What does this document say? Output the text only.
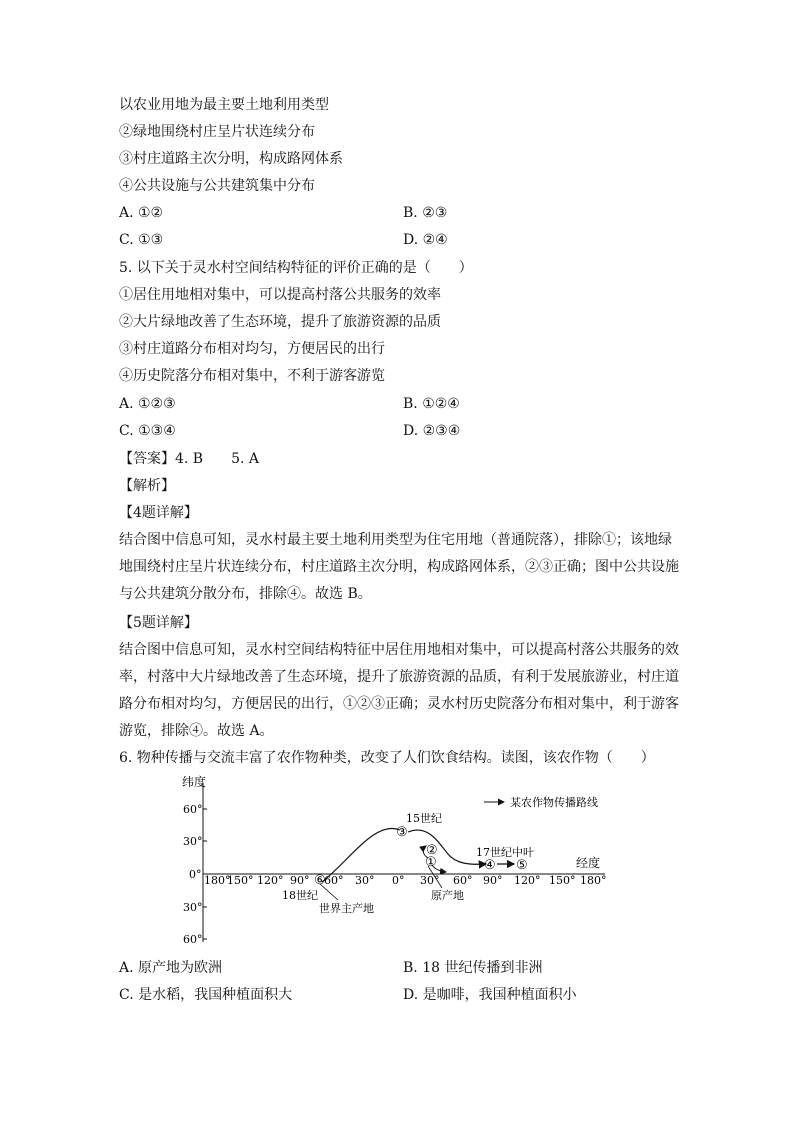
以农业用地为最主要土地利用类型
②绿地围绕村庄呈片状连续分布
③村庄道路主次分明，构成路网体系
④公共设施与公共建筑集中分布
A. ①②	B. ②③
C. ①③	D. ②④
5. 以下关于灵水村空间结构特征的评价正确的是（　　）
①居住用地相对集中，可以提高村落公共服务的效率
②大片绿地改善了生态环境，提升了旅游资源的品质
③村庄道路分布相对均匀，方便居民的出行
④历史院落分布相对集中，不利于游客游览
A. ①②③	B. ①②④
C. ①③④	D. ②③④
【答案】4. B　　5. A
【解析】
【4题详解】
结合图中信息可知，灵水村最主要土地利用类型为住宅用地（普通院落），排除①；该地绿
地围绕村庄呈片状连续分布，村庄道路主次分明，构成路网体系，②③正确；图中公共设施
与公共建筑分散分布，排除④。故选 B。
【5题详解】
结合图中信息可知，灵水村空间结构特征中居住用地相对集中，可以提高村落公共服务的效
率，村落中大片绿地改善了生态环境，提升了旅游资源的品质，有利于发展旅游业，村庄道
路分布相对均匀，方便居民的出行，①②③正确；灵水村历史院落分布相对集中，利于游客
游览，排除④。故选 A。
6. 物种传播与交流丰富了农作物种类，改变了人们饮食结构。读图，该农作物（　　）
纬度
经度
60°
30°
0°
30°
60°
180°
150° 120° 90° 60° 30° 0° 30° 60° 90° 120° 150° 180°
某农作物传播路线
③
②
①	④ ⑤
⑥
15世纪
17世纪中叶
18世纪	原产地
世界主产地
A. 原产地为欧洲	B. 18 世纪传播到非洲
C. 是水稻，我国种植面积大	D. 是咖啡，我国种植面积小
